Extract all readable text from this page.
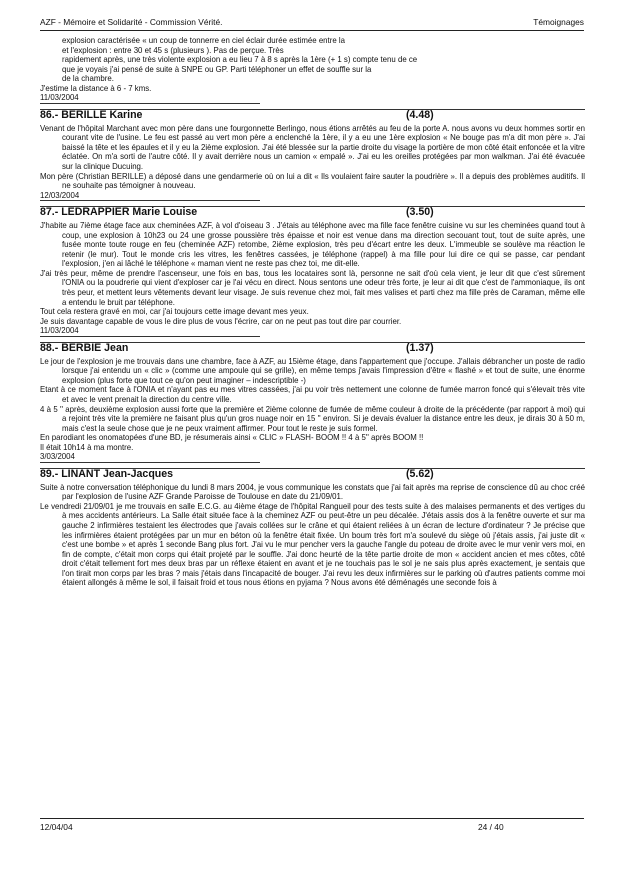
AZF - Mémoire et Solidarité - Commission Vérité.	Témoignages

explosion caractérisée « un coup de tonnerre en ciel éclair durée estimée entre la

et l'explosion : entre 30 et 45 s (plusieurs ). Pas de perçue. Très

rapidement après, une très violente explosion a eu lieu 7 à 8 s après la 1ère (+ 1 s) compte tenu de ce

que je voyais j'ai pensé de suite à SNPE ou GP. Parti téléphoner un effet de souffle sur la

de la chambre.

J'estime la distance à 6 - 7 kms.

11/03/2004
86.- BERILLE Karine	(4.48)

Venant de l'hôpital Marchant avec mon père dans une fourgonnette Berlingo, nous étions arrêtés au feu de la porte A. nous avons vu deux hommes sortir en courant vite de l'usine. Le feu est passé au vert mon père a enclenché la 1ère, il y a eu une 1ère explosion « Ne bouge pas m'a dit mon père ». J'ai baissé la tête et les épaules et il y eu la 2ième explosion. J'ai été blessée sur la partie droite du visage la portière de mon côté était enfoncée et la vitre éclatée. On m'a sorti de l'autre côté. Il y avait derrière nous un camion « empalé ». J'ai eu les oreilles protégées par mon walkman. J'ai été évacuée sur la clinique Ducuing.

Mon père (Christian BERILLE) a déposé dans une gendarmerie où on lui a dit « Ils voulaient faire sauter la poudrière ». Il a depuis des problèmes auditifs. Il ne souhaite pas témoigner à nouveau.

12/03/2004
87.- LEDRAPPIER Marie Louise	(3.50)

J'habite au 7ième étage face aux cheminées AZF, à vol d'oiseau 3 . J'étais au téléphone avec ma fille face fenêtre cuisine vu sur les cheminées quand tout à coup, une explosion à 10h23 ou 24 une grosse poussière très épaisse et noir est venue dans ma direction secouant tout, tout de suite après, une fusée monte toute rouge en feu (cheminée AZF) retombe, 2ième explosion, très peu d'écart entre les deux. L'immeuble se soulève ma réaction le retenir (le mur). Tout le monde cris les vitres, les fenêtres cassées, je téléphone (rappel) à ma fille pour lui dire ce qui se passe, car pendant l'explosion, j'en ai lâché le téléphone « maman vient ne reste pas chez toi, me dit-elle.

J'ai très peur, même de prendre l'ascenseur, une fois en bas, tous les locataires sont là, personne ne sait d'où cela vient, je leur dit que c'est sûrement l'ONIA ou la poudrerie qui vient d'exploser car je l'ai vécu en direct. Nous sentons une odeur très forte, je leur ai dit que c'est de l'ammoniaque, ils ont très peur, et mettent leurs vêtements devant leur visage. Je suis revenue chez moi, fait mes valises et parti chez ma fille près de Caraman, même elle a entendu le bruit par téléphone.

Tout cela restera gravé en moi, car j'ai toujours cette image devant mes yeux.

Je suis davantage capable de vous le dire plus de vous l'écrire, car on ne peut pas tout dire par courrier.

11/03/2004
88.- BERBIE Jean	(1.37)

Le jour de l'explosion je me trouvais dans une chambre, face à AZF, au 15ième étage, dans l'appartement que j'occupe. J'allais débrancher un poste de radio lorsque j'ai entendu un « clic » (comme une ampoule qui se grille), en même temps j'avais l'impression d'être « flashé » et tout de suite, une énorme explosion (plus forte que tout ce qu'on peut imaginer – indescriptible -)

Etant à ce moment face à l'ONIA et n'ayant pas eu mes vitres cassées, j'ai pu voir très nettement une colonne de fumée marron foncé qui s'élevait très vite et avec le vent prenait la direction du centre ville.

4 à 5 '' après, deuxième explosion aussi forte que la première et 2ième colonne de fumée de même couleur à droite de la précédente (par rapport à moi) qui a rejoint très vite la première ne faisant plus qu'un gros nuage noir en 15 '' environ. Si je devais évaluer la distance entre les deux, je dirais 30 à 50 m, mais c'est la seule chose que je ne peux vraiment affirmer. Pour tout le reste je suis formel.

En parodiant les onomatopées d'une BD, je résumerais ainsi « CLIC » FLASH- BOOM !! 4 à 5'' après BOOM !!

Il était 10h14 à ma montre.

3/03/2004
89.- LINANT Jean-Jacques	(5.62)

Suite à notre conversation téléphonique du lundi 8 mars 2004, je vous communique les constats que j'ai fait après ma reprise de conscience dû au choc créé par l'explosion de l'usine AZF Grande Paroisse de Toulouse en date du 21/09/01.

Le vendredi 21/09/01 je me trouvais en salle E.C.G. au 4ième étage de l'hôpital Rangueil pour des tests suite à des malaises permanents et des vertiges du à mes accidents antérieurs. La Salle était située face à la cheminez AZF ou peut-être un peu décalée. J'étais assis dos à la fenêtre ouverte et sur ma gauche 2 infirmières testaient les électrodes que j'avais collées sur le crâne et qui étaient reliées à un écran de lecture d'ordinateur ? Je précise que les infirmières étaient protégées par un mur en béton où la fenêtre était fixée. Un boum très fort m'a soulevé du siège où j'étais assis, j'ai juste dit « c'est une bombe » et après 1 seconde Bang plus fort. J'ai vu le mur pencher vers la gauche l'angle du poteau de droite avec le mur venir vers moi, en fin de compte, c'était mon corps qui était projeté par le souffle. J'ai donc heurté de la tête partie droite de mon « accident ancien et mes côtes, côté droit c'était tellement fort mes deux bras par un réflexe étaient en avant et je ne touchais pas le sol je ne sais plus après exactement, je sentais que l'on tirait mon corps par les bras ? mais j'étais dans l'incapacité de bouger. J'ai revu les deux infirmières sur le parking où d'autres patients comme moi étaient allongés à même le sol, il faisait froid et tous nous étions en pyjama ? Nous avons été déménagés une seconde fois à

12/04/04	24 / 40
